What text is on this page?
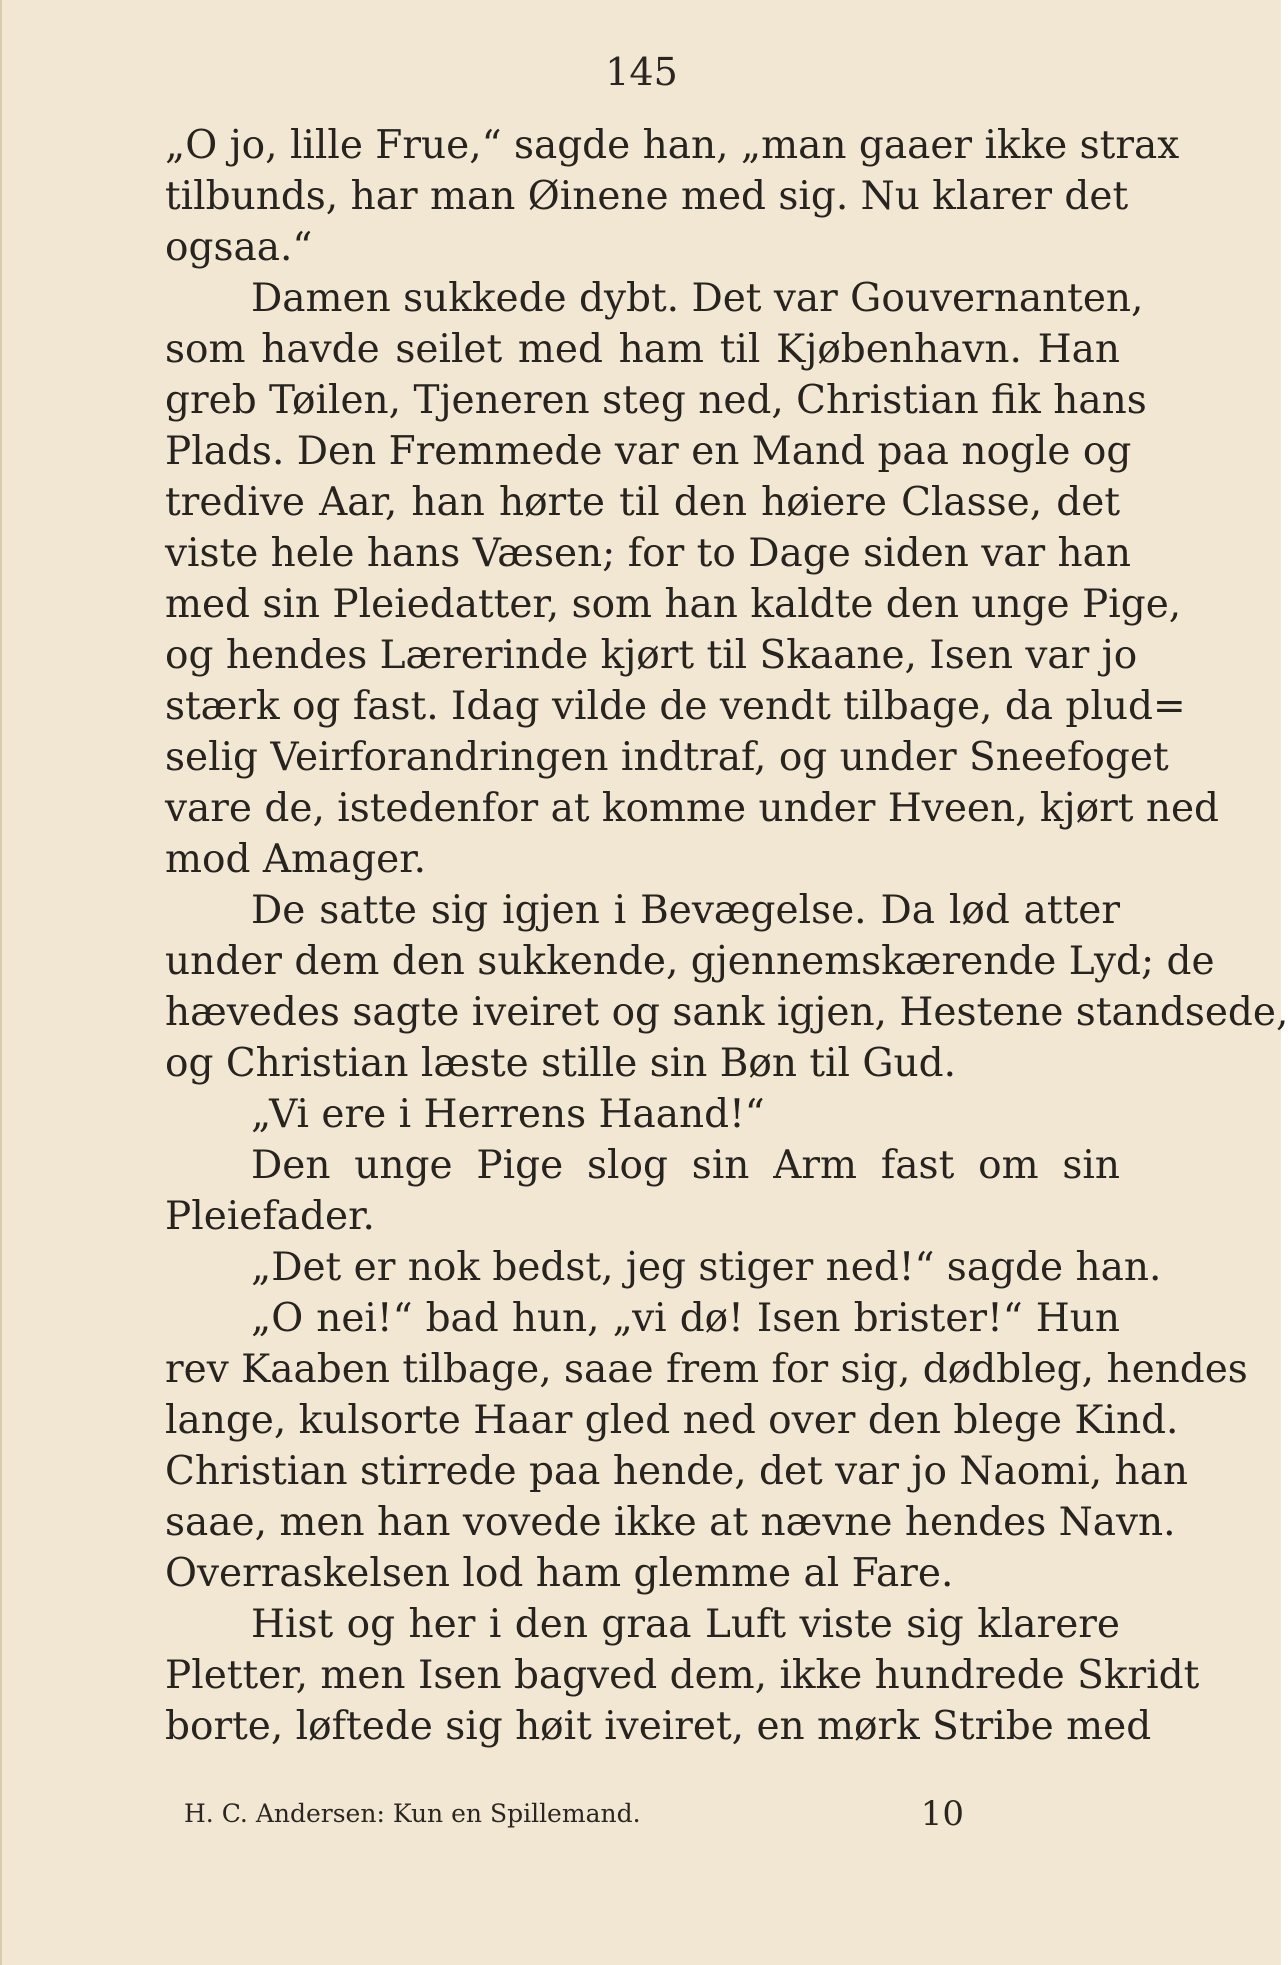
145
„O jo, lille Frue,“ sagde han, „man gaaer ikke strax
tilbunds, har man Øinene med sig. Nu klarer det
ogsaa.“
Damen sukkede dybt. Det var Gouvernanten,
som havde seilet med ham til Kjøbenhavn. Han
greb Tøilen, Tjeneren steg ned, Christian fik hans
Plads. Den Fremmede var en Mand paa nogle og
tredive Aar, han hørte til den høiere Classe, det
viste hele hans Væsen; for to Dage siden var han
med sin Pleiedatter, som han kaldte den unge Pige,
og hendes Lærerinde kjørt til Skaane, Isen var jo
stærk og fast. Idag vilde de vendt tilbage, da plud=
selig Veirforandringen indtraf, og under Sneefoget
vare de, istedenfor at komme under Hveen, kjørt ned
mod Amager.
De satte sig igjen i Bevægelse. Da lød atter
under dem den sukkende, gjennemskærende Lyd; de
hævedes sagte iveiret og sank igjen, Hestene standsede,
og Christian læste stille sin Bøn til Gud.
„Vi ere i Herrens Haand!“
Den unge Pige slog sin Arm fast om sin
Pleiefader.
„Det er nok bedst, jeg stiger ned!“ sagde han.
„O nei!“ bad hun, „vi dø! Isen brister!“ Hun
rev Kaaben tilbage, saae frem for sig, dødbleg, hendes
lange, kulsorte Haar gled ned over den blege Kind.
Christian stirrede paa hende, det var jo Naomi, han
saae, men han vovede ikke at nævne hendes Navn.
Overraskelsen lod ham glemme al Fare.
Hist og her i den graa Luft viste sig klarere
Pletter, men Isen bagved dem, ikke hundrede Skridt
borte, løftede sig høit iveiret, en mørk Stribe med
H. C. Andersen: Kun en Spillemand.	10
